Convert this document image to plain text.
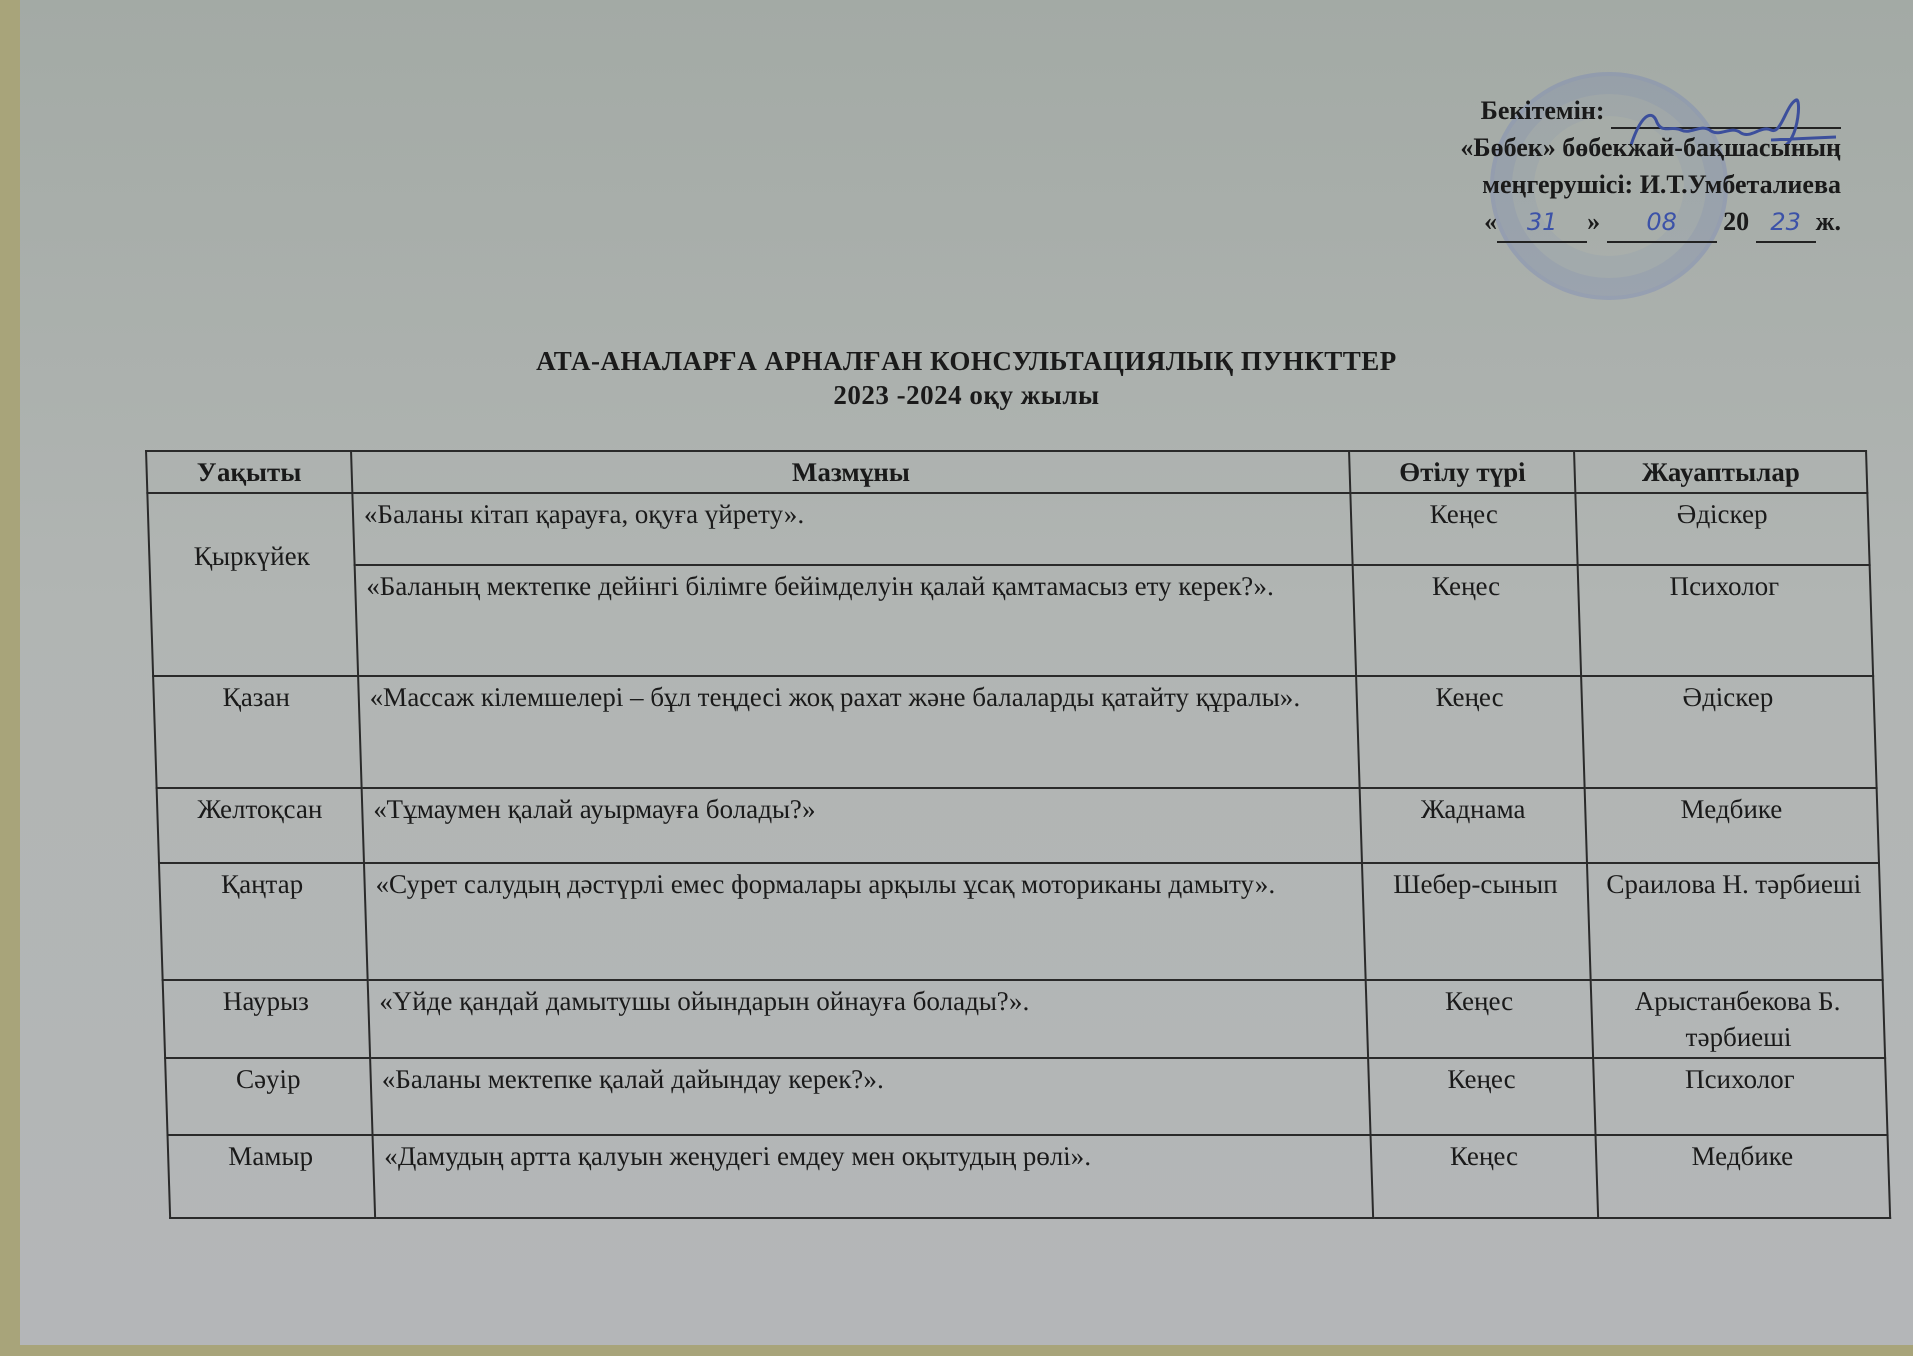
Бекітемін:
«Бөбек» бөбекжай-бақшасының
меңгерушісі: И.Т.Умбеталиева
« 31 » 08 20 23 ж.
АТА-АНАЛАРҒА АРНАЛҒАН КОНСУЛЬТАЦИЯЛЫҚ ПУНКТТЕР
2023 -2024 оқу жылы
Уақыты	Мазмұны	Өтілу түрі	Жауаптылар
Қыркүйек	«Баланы кітап қарауға, оқуға үйрету».	Кеңес	Әдіскер
	«Баланың мектепке дейінгі білімге бейімделуін қалай қамтамасыз ету керек?».	Кеңес	Психолог
Қазан	«Массаж кілемшелері – бұл теңдесі жоқ рахат және балаларды қатайту құралы».	Кеңес	Әдіскер
Желтоқсан	«Тұмаумен қалай ауырмауға болады?»	Жаднама	Медбике
Қаңтар	«Сурет салудың дәстүрлі емес формалары арқылы ұсақ моториканы дамыту».	Шебер-сынып	Сраилова Н. тәрбиеші
Наурыз	«Үйде қандай дамытушы ойындарын ойнауға болады?».	Кеңес	Арыстанбекова Б. тәрбиеші
Сәуір	«Баланы мектепке қалай дайындау керек?».	Кеңес	Психолог
Мамыр	«Дамудың артта қалуын жеңудегі емдеу мен оқытудың рөлі».	Кеңес	Медбике
